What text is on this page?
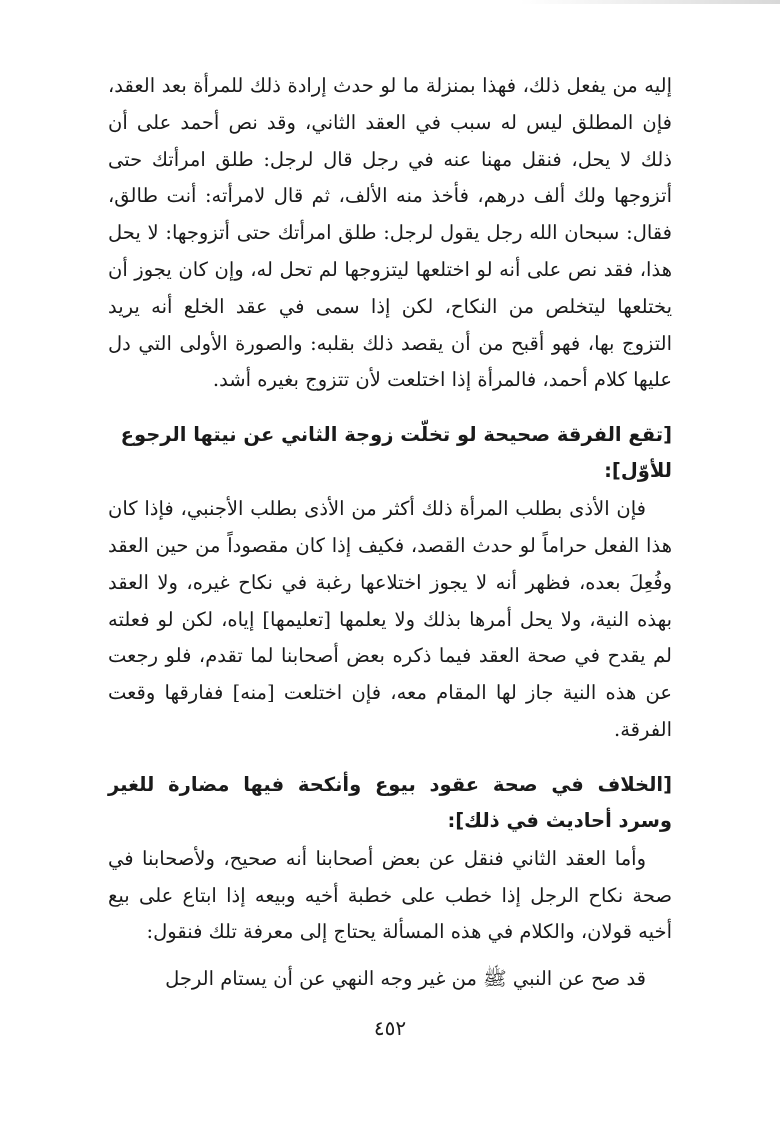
إليه من يفعل ذلك، فهذا بمنزلة ما لو حدث إرادة ذلك للمرأة بعد العقد، فإن المطلق ليس له سبب في العقد الثاني، وقد نص أحمد على أن ذلك لا يحل، فنقل مهنا عنه في رجل قال لرجل: طلق امرأتك حتى أتزوجها ولك ألف درهم، فأخذ منه الألف، ثم قال لامرأته: أنت طالق، فقال: سبحان الله رجل يقول لرجل: طلق امرأتك حتى أتزوجها: لا يحل هذا، فقد نص على أنه لو اختلعها ليتزوجها لم تحل له، وإن كان يجوز أن يختلعها ليتخلص من النكاح، لكن إذا سمى في عقد الخلع أنه يريد التزوج بها، فهو أقبح من أن يقصد ذلك بقلبه: والصورة الأولى التي دل عليها كلام أحمد، فالمرأة إذا اختلعت لأن تتزوج بغيره أشد.

[تقع الفرقة صحيحة لو تخلّت زوجة الثاني عن نيتها الرجوع للأوّل]:

فإن الأذى بطلب المرأة ذلك أكثر من الأذى بطلب الأجنبي، فإذا كان هذا الفعل حراماً لو حدث القصد، فكيف إذا كان مقصوداً من حين العقد وفُعِلَ بعده، فظهر أنه لا يجوز اختلاعها رغبة في نكاح غيره، ولا العقد بهذه النية، ولا يحل أمرها بذلك ولا يعلمها [تعليمها] إياه، لكن لو فعلته لم يقدح في صحة العقد فيما ذكره بعض أصحابنا لما تقدم، فلو رجعت عن هذه النية جاز لها المقام معه، فإن اختلعت [منه] ففارقها وقعت الفرقة.

[الخلاف في صحة عقود بيوع وأنكحة فيها مضارة للغير وسرد أحاديث في ذلك]:

وأما العقد الثاني فنقل عن بعض أصحابنا أنه صحيح، ولأصحابنا في صحة نكاح الرجل إذا خطب على خطبة أخيه وبيعه إذا ابتاع على بيع أخيه قولان، والكلام في هذه المسألة يحتاج إلى معرفة تلك فنقول:

قد صح عن النبي ﷺ من غير وجه النهي عن أن يستام الرجل

٤٥٢
